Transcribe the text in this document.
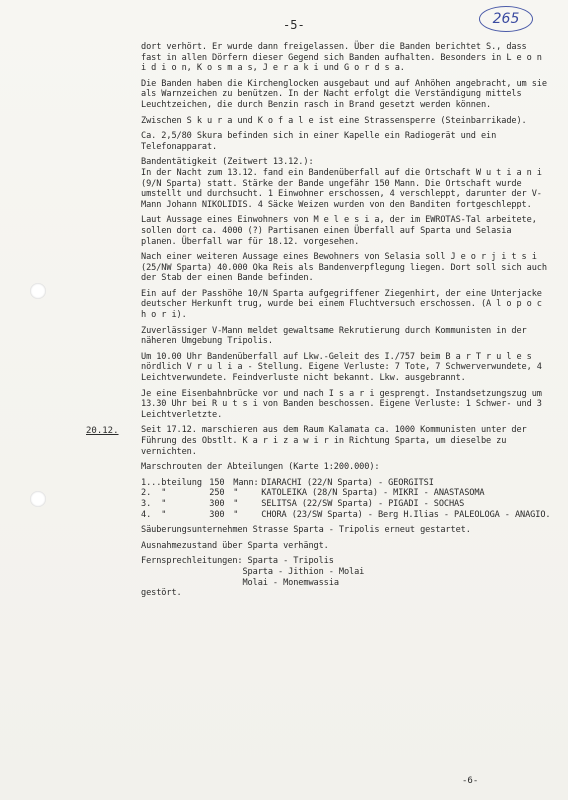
-5-	265
20.12.

dort verhört. Er wurde dann freigelassen. Über die Banden berichtet S., dass fast in allen Dörfern dieser Gegend sich Banden aufhalten. Besonders in L e o n i d i o n, K o s m a s, J e r a k i und G o r d s a.

Die Banden haben die Kirchenglocken ausgebaut und auf Anhöhen angebracht, um sie als Warnzeichen zu benützen. In der Nacht erfolgt die Verständigung mittels Leuchtzeichen, die durch Benzin rasch in Brand gesetzt werden können.

Zwischen S k u r a und K o f a l e ist eine Strassensperre (Steinbarrikade).

Ca. 2,5/80 Skura befinden sich in einer Kapelle ein Radiogerät und ein Telefonapparat.

Bandentätigkeit (Zeitwert 13.12.):
In der Nacht zum 13.12. fand ein Bandenüberfall auf die Ortschaft W u t i a n i (9/N Sparta) statt. Stärke der Bande ungefähr 150 Mann. Die Ortschaft wurde umstellt und durchsucht. 1 Einwohner erschossen, 4 verschleppt, darunter der V-Mann Johann NIKOLIDIS. 4 Säcke Weizen wurden von den Banditen fortgeschleppt.

Laut Aussage eines Einwohners von M e l e s i a, der im EWROTAS-Tal arbeitete, sollen dort ca. 4000 (?) Partisanen einen Überfall auf Sparta und Selasia planen. Überfall war für 18.12. vorgesehen.

Nach einer weiteren Aussage eines Bewohners von Selasia soll J e o r j i t s i (25/NW Sparta) 40.000 Oka Reis als Bandenverpflegung liegen. Dort soll sich auch der Stab der einen Bande befinden.

Ein auf der Passhöhe 10/N Sparta aufgegriffener Ziegenhirt, der eine Unterjacke deutscher Herkunft trug, wurde bei einem Fluchtversuch erschossen. (A l o p o c h o r i).

Zuverlässiger V-Mann meldet gewaltsame Rekrutierung durch Kommunisten in der näheren Umgebung Tripolis.

Um 10.00 Uhr Bandenüberfall auf Lkw.-Geleit des I./757 beim B a r T r u l e s nördlich V r u l i a - Stellung. Eigene Verluste: 7 Tote, 7 Schwerverwundete, 4 Leichtverwundete. Feindverluste nicht bekannt. Lkw. ausgebrannt.

Je eine Eisenbahnbrücke vor und nach I s a r i gesprengt. Instandsetzungszug um 13.30 Uhr bei R u t s i von Banden beschossen. Eigene Verluste: 1 Schwer- und 3 Leichtverletzte.

Seit 17.12. marschieren aus dem Raum Kalamata ca. 1000 Kommunisten unter der Führung des Obstlt. K a r i z a w i r in Richtung Sparta, um dieselbe zu vernichten.

Marschrouten der Abteilungen (Karte 1:200.000):

1...	bteilung	150	Mann:	DIARACHI (22/N Sparta) - GEORGITSI
2.	"	250	"	KATOLEIKA (28/N Sparta) - MIKRI - ANASTASOMA
3.	"	300	"	SELITSA (22/SW Sparta) - PIGADI - SOCHAS
4.	"	300	"	CHORA (23/SW Sparta) - Berg H.Ilias - PALEOLOGA - ANAGIO.

Säuberungsunternehmen Strasse Sparta - Tripolis erneut gestartet.

Ausnahmezustand über Sparta verhängt.

Fernsprechleitungen: Sparta - Tripolis
Sparta - Jithion - Molai
Molai - Monemwassia
gestört.

-6-
